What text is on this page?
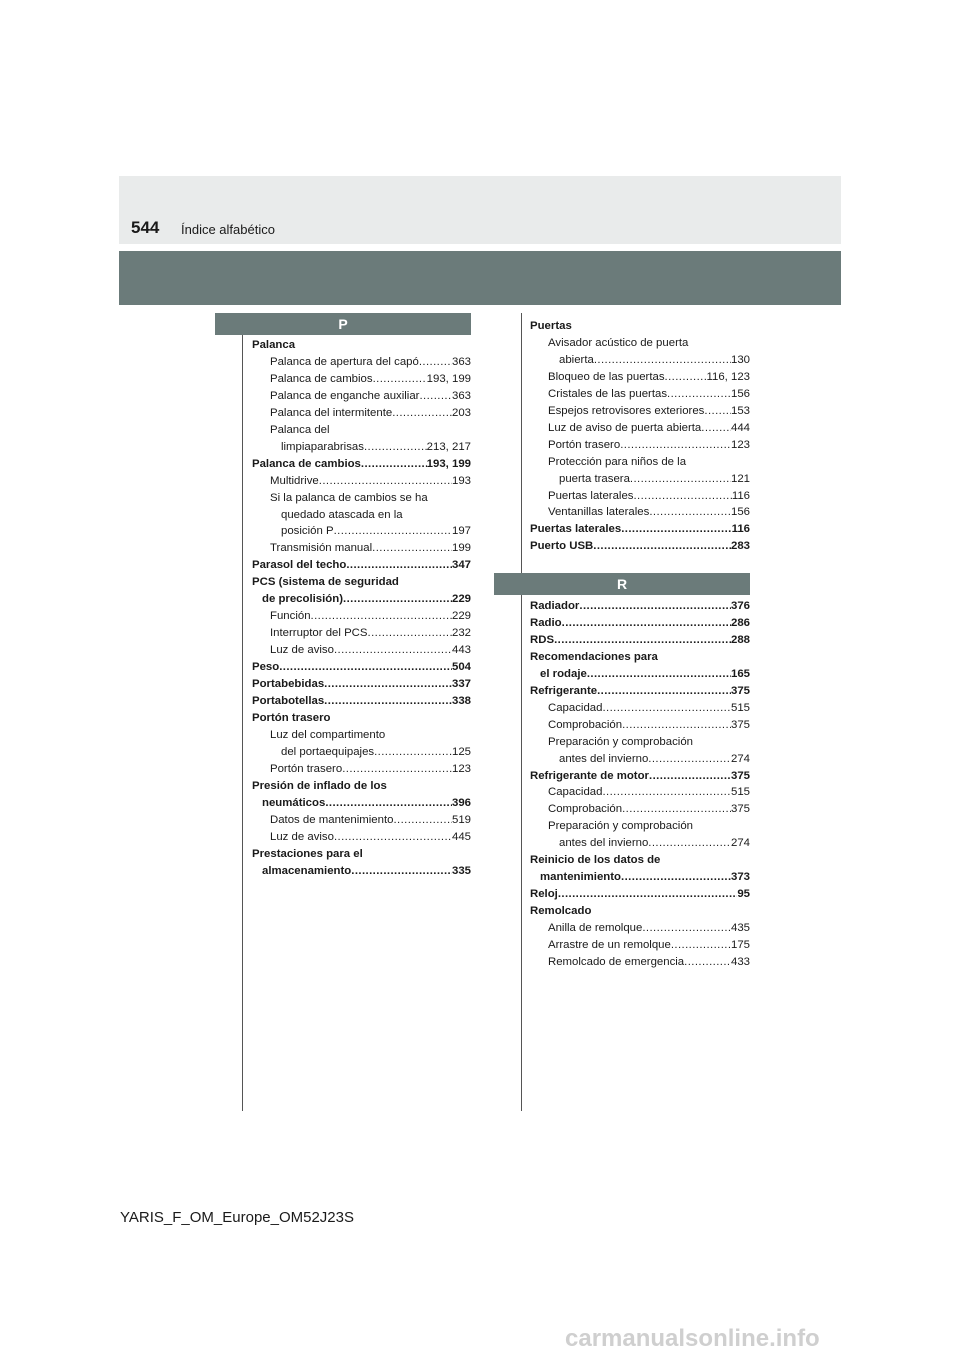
544 Índice alfabético
P
Palanca
Palanca de apertura del capó .....	363
Palanca de cambios .....	193, 199
Palanca de enganche auxiliar .....	363
Palanca del intermitente .....	203
Palanca del
limpiaparabrisas .....	213, 217
Palanca de cambios .....	193, 199
Multidrive .....	193
Si la palanca de cambios se ha
quedado atascada en la
posición P .....	197
Transmisión manual .....	199
Parasol del techo .....	347
PCS (sistema de seguridad
de precolisión) .....	229
Función .....	229
Interruptor del PCS .....	232
Luz de aviso .....	443
Peso .....	504
Portabebidas .....	337
Portabotellas .....	338
Portón trasero
Luz del compartimento
del portaequipajes .....	125
Portón trasero .....	123
Presión de inflado de los
neumáticos .....	396
Datos de mantenimiento .....	519
Luz de aviso .....	445
Prestaciones para el
almacenamiento .....	335
Puertas
Avisador acústico de puerta
abierta .....	130
Bloqueo de las puertas .....	116, 123
Cristales de las puertas .....	156
Espejos retrovisores exteriores ..... 153
Luz de aviso de puerta abierta .....	444
Portón trasero .....	123
Protección para niños de la
puerta trasera .....	121
Puertas laterales .....	116
Ventanillas laterales .....	156
Puertas laterales .....	116
Puerto USB .....	283
R
Radiador .....	376
Radio .....	286
RDS .....	288
Recomendaciones para
el rodaje .....	165
Refrigerante .....	375
Capacidad .....	515
Comprobación .....	375
Preparación y comprobación
antes del invierno .....	274
Refrigerante de motor .....	375
Capacidad .....	515
Comprobación .....	375
Preparación y comprobación
antes del invierno .....	274
Reinicio de los datos de
mantenimiento .....	373
Reloj .....	95
Remolcado
Anilla de remolque .....	435
Arrastre de un remolque .....	175
Remolcado de emergencia .....	433
YARIS_F_OM_Europe_OM52J23S
carmanualsonline.info
